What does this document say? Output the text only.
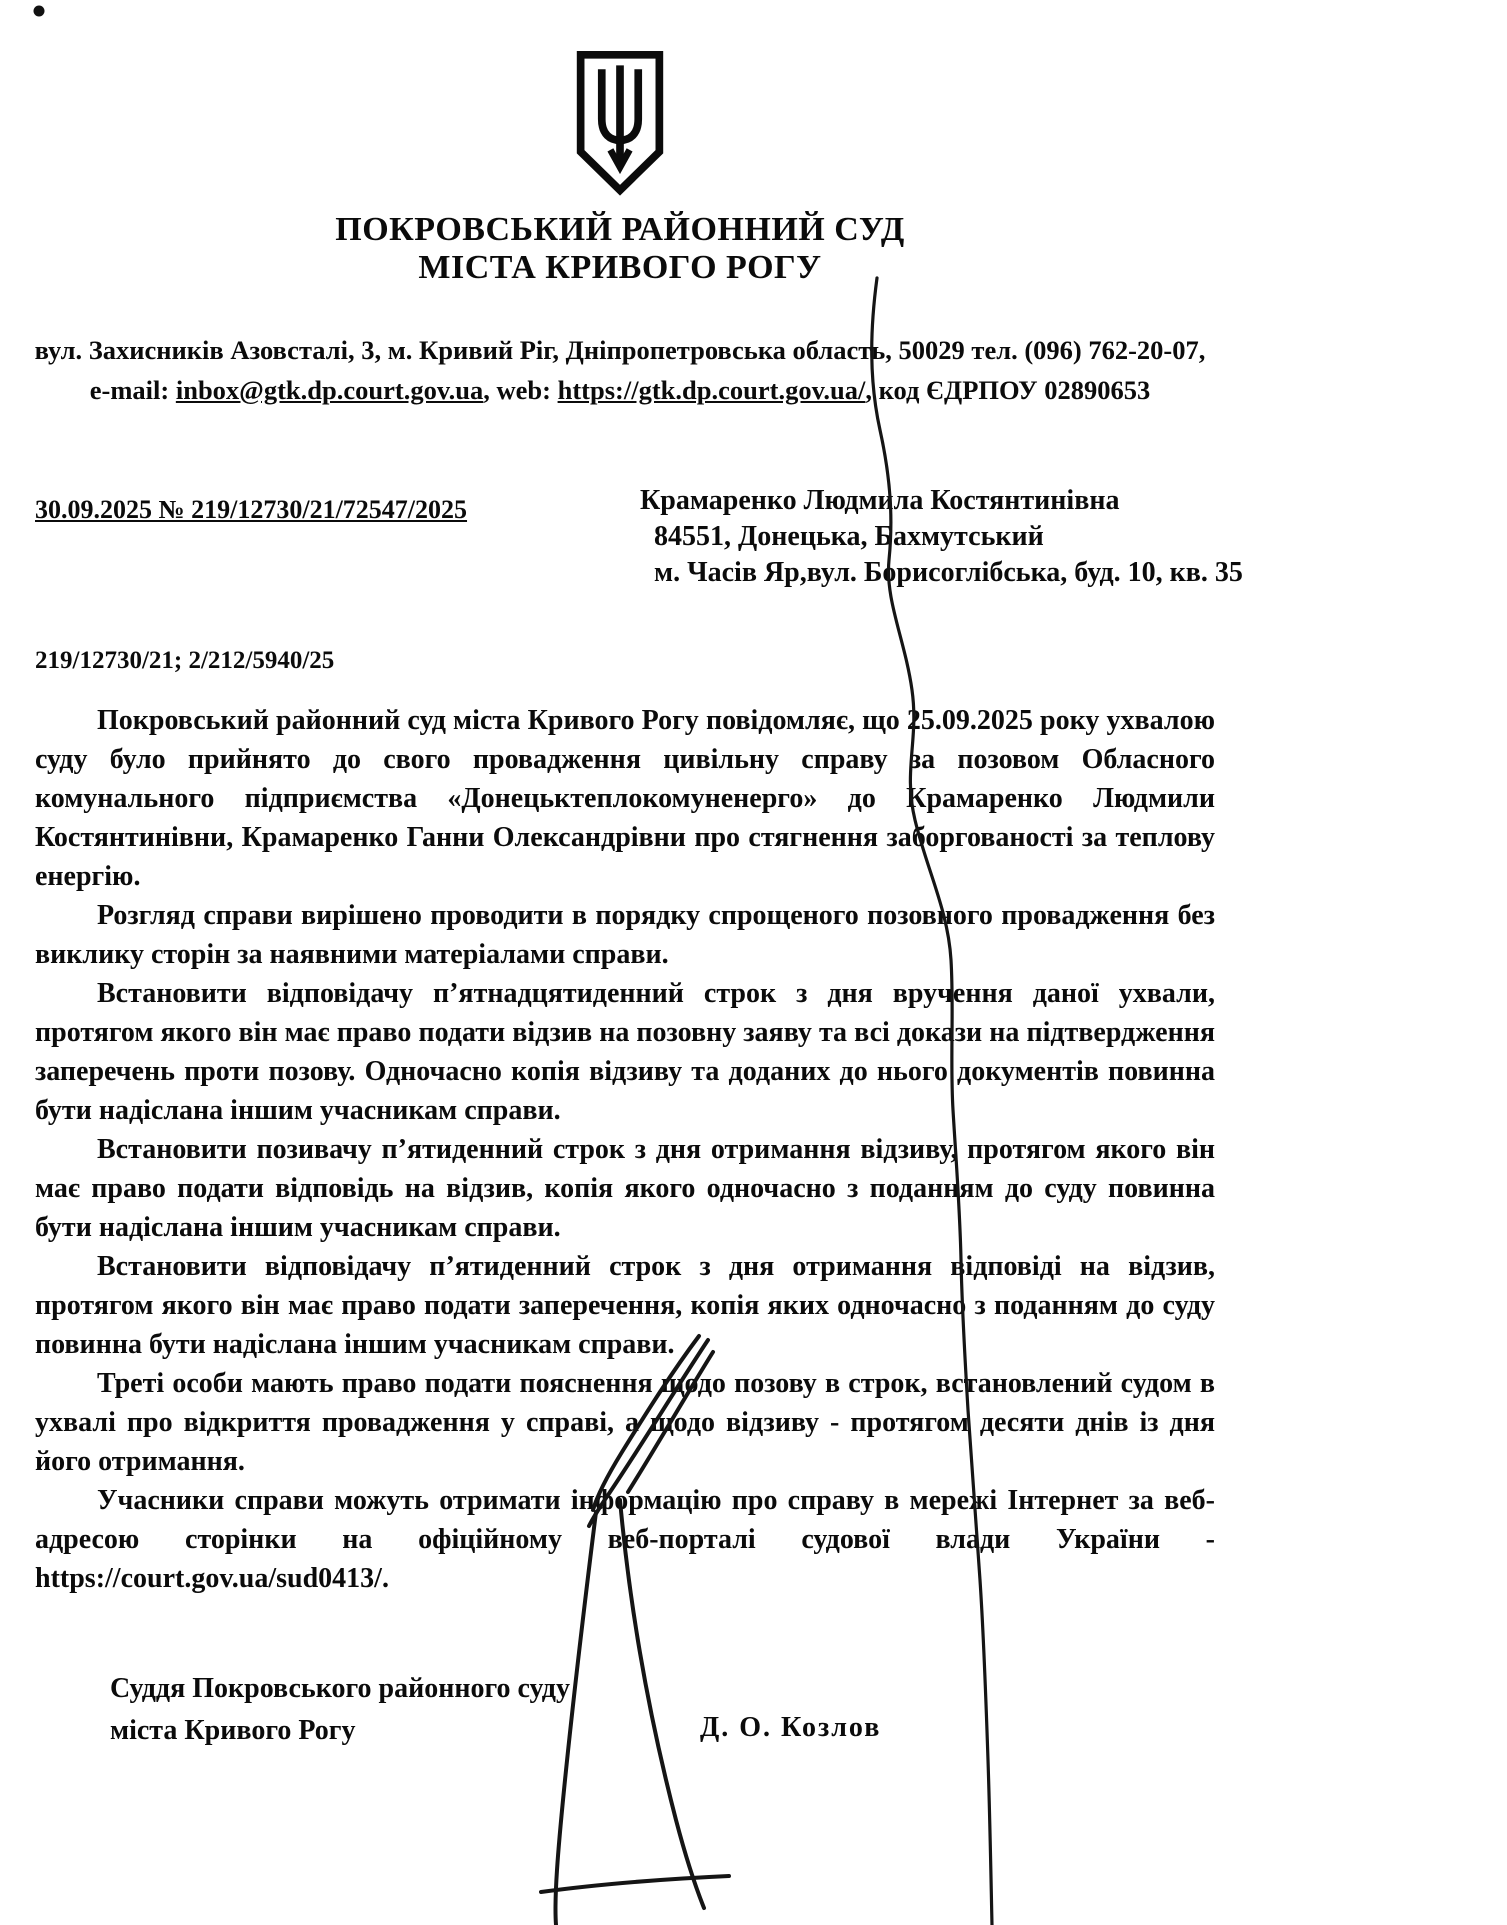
ПОКРОВСЬКИЙ РАЙОННИЙ СУД
МІСТА КРИВОГО РОГУ
вул. Захисників Азовсталі, 3, м. Кривий Ріг, Дніпропетровська область, 50029 тел. (096) 762-20-07,
e-mail: inbox@gtk.dp.court.gov.ua, web: https://gtk.dp.court.gov.ua/, код ЄДРПОУ 02890653
30.09.2025 № 219/12730/21/72547/2025	Крамаренко Людмила Костянтинівна
84551, Донецька, Бахмутський
м. Часів Яр,вул. Борисоглібська, буд. 10, кв. 35
219/12730/21; 2/212/5940/25

Покровський районний суд міста Кривого Рогу повідомляє, що 25.09.2025 року ухвалою суду було прийнято до свого провадження цивільну справу за позовом Обласного комунального підприємства «Донецьктеплокомуненерго» до Крамаренко Людмили Костянтинівни, Крамаренко Ганни Олександрівни про стягнення заборгованості за теплову енергію.

Розгляд справи вирішено проводити в порядку спрощеного позовного провадження без виклику сторін за наявними матеріалами справи.

Встановити відповідачу п’ятнадцятиденний строк з дня вручення даної ухвали, протягом якого він має право подати відзив на позовну заяву та всі докази на підтвердження заперечень проти позову. Одночасно копія відзиву та доданих до нього документів повинна бути надіслана іншим учасникам справи.

Встановити позивачу п’ятиденний строк з дня отримання відзиву, протягом якого він має право подати відповідь на відзив, копія якого одночасно з поданням до суду повинна бути надіслана іншим учасникам справи.

Встановити відповідачу п’ятиденний строк з дня отримання відповіді на відзив, протягом якого він має право подати заперечення, копія яких одночасно з поданням до суду повинна бути надіслана іншим учасникам справи.

Треті особи мають право подати пояснення щодо позову в строк, встановлений судом в ухвалі про відкриття провадження у справі, а щодо відзиву - протягом десяти днів із дня його отримання.

Учасники справи можуть отримати інформацію про справу в мережі Інтернет за веб-адресою сторінки на офіційному веб-порталі судової влади України - https://court.gov.ua/sud0413/.

Суддя Покровського районного суду
міста Кривого Рогу	Д. О. Козлов
